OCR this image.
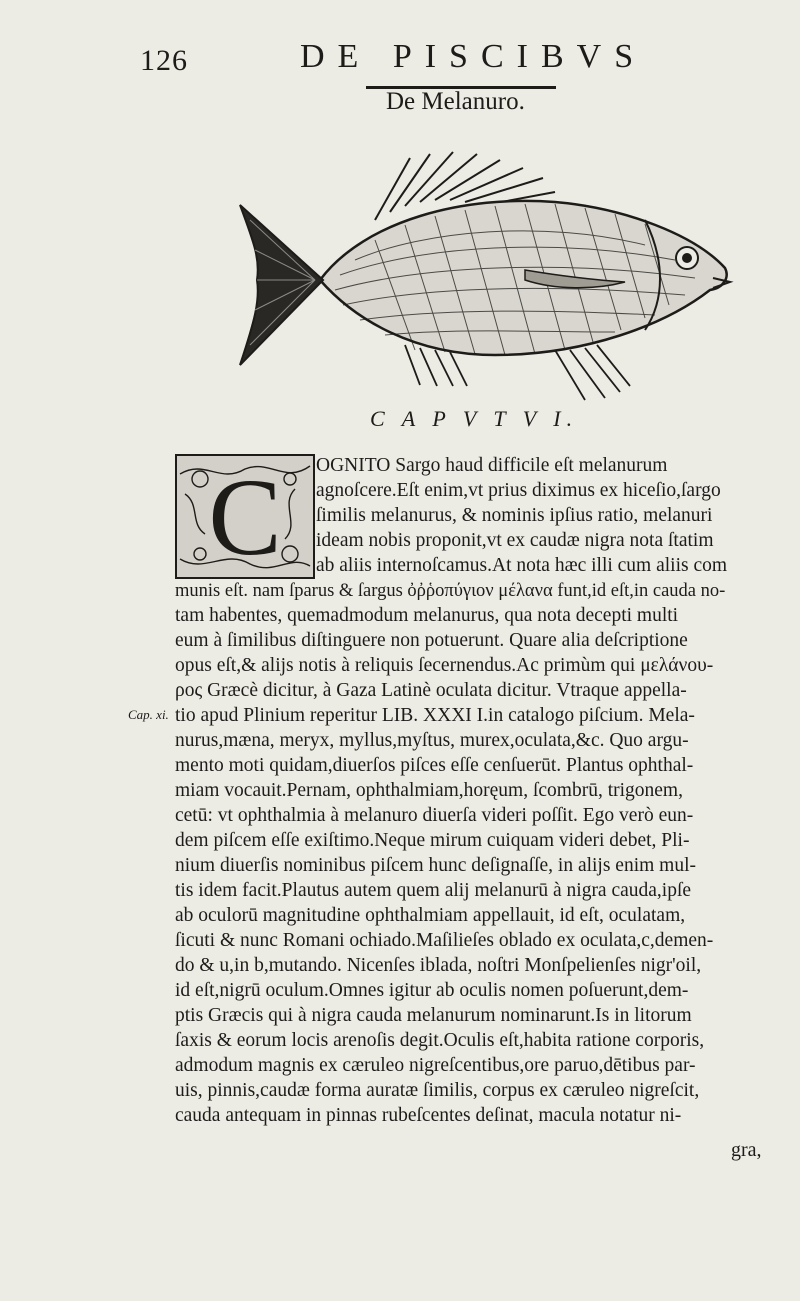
126	DE PISCIBVS
De Melanuro.
C A P V T V I.
C
Cap. xi.
OGNITO Sargo haud difficile eſt melanurum
agnoſcere.Eſt enim,vt prius diximus ex hiceſio,ſargo
ſimilis melanurus, & nominis ipſius ratio, melanuri
ideam nobis proponit,vt ex caudæ nigra nota ſtatim
ab aliis internoſcamus.At nota hæc illi cum aliis com
munis eſt. nam ſparus & ſargus ὀῤῥοπύγιον μέλανα funt,id eſt,in cauda no-
tam habentes, quemadmodum melanurus, qua nota decepti multi
eum à ſimilibus diſtinguere non potuerunt. Quare alia deſcriptione
opus eſt,& alijs notis à reliquis ſecernendus.Ac primùm qui μελάνου-
ρος Græcè dicitur, à Gaza Latinè oculata dicitur. Vtraque appella-
tio apud Plinium reperitur LIB. XXXI I.in catalogo piſcium. Mela-
nurus,mæna, meryx, myllus,myſtus, murex,oculata,&c. Quo argu-
mento moti quidam,diuerſos piſces eſſe cenſuerūt. Plantus ophthal-
miam vocauit.Pernam, ophthalmiam,horęum, ſcombrū, trigonem,
cetū: vt ophthalmia à melanuro diuerſa videri poſſit. Ego verò eun-
dem piſcem eſſe exiſtimo.Neque mirum cuiquam videri debet, Pli-
nium diuerſis nominibus piſcem hunc deſignaſſe, in alijs enim mul-
tis idem facit.Plautus autem quem alij melanurū à nigra cauda,ipſe
ab oculorū magnitudine ophthalmiam appellauit, id eſt, oculatam,
ſicuti & nunc Romani ochiado.Maſilieſes oblado ex oculata,c,demen-
do & u,in b,mutando. Nicenſes iblada, noſtri Monſpelienſes nigr'oil,
id eſt,nigrū oculum.Omnes igitur ab oculis nomen poſuerunt,dem-
ptis Græcis qui à nigra cauda melanurum nominarunt.Is in litorum
ſaxis & eorum locis arenoſis degit.Oculis eſt,habita ratione corporis,
admodum magnis ex cæruleo nigreſcentibus,ore paruo,dētibus par-
uis, pinnis,caudæ forma auratæ ſimilis, corpus ex cæruleo nigreſcit,
cauda antequam in pinnas rubeſcentes deſinat, macula notatur ni-
gra,
